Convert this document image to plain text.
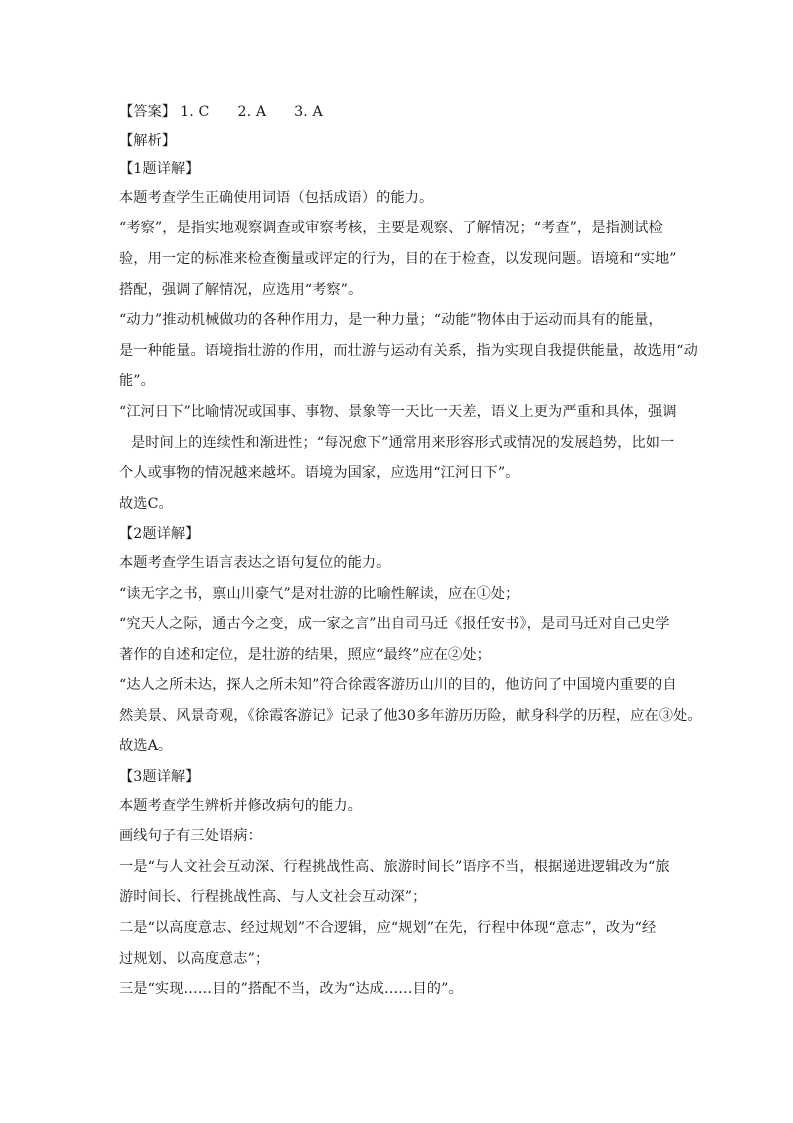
【答案】 1. C 2. A 3. A
【解析】
【1题详解】
本题考查学生正确使用词语（包括成语）的能力。
“考察”，是指实地观察调查或审察考核，主要是观察、了解情况；“考查”，是指测试检
验，用一定的标准来检查衡量或评定的行为，目的在于检查，以发现问题。语境和“实地”
搭配，强调了解情况，应选用“考察”。
“动力”推动机械做功的各种作用力，是一种力量；“动能”物体由于运动而具有的能量，
是一种能量。语境指壮游的作用，而壮游与运动有关系，指为实现自我提供能量，故选用“动
能”。
“江河日下”比喻情况或国事、事物、景象等一天比一天差，语义上更为严重和具体，强调
是时间上的连续性和渐进性；“每况愈下”通常用来形容形式或情况的发展趋势，比如一
个人或事物的情况越来越坏。语境为国家，应选用“江河日下”。
故选C。
【2题详解】
本题考查学生语言表达之语句复位的能力。
“读无字之书，禀山川豪气”是对壮游的比喻性解读，应在①处；
“究天人之际，通古今之变，成一家之言”出自司马迁《报任安书》，是司马迁对自己史学
著作的自述和定位，是壮游的结果，照应“最终”应在②处；
“达人之所未达，探人之所未知”符合徐霞客游历山川的目的，他访问了中国境内重要的自
然美景、风景奇观，《徐霞客游记》记录了他30多年游历历险，献身科学的历程，应在③处。
故选A。
【3题详解】
本题考查学生辨析并修改病句的能力。
画线句子有三处语病：
一是“与人文社会互动深、行程挑战性高、旅游时间长”语序不当，根据递进逻辑改为“旅
游时间长、行程挑战性高、与人文社会互动深”；
二是“以高度意志、经过规划”不合逻辑，应“规划”在先，行程中体现“意志”，改为“经
过规划、以高度意志”；
三是“实现……目的”搭配不当，改为“达成……目的”。
